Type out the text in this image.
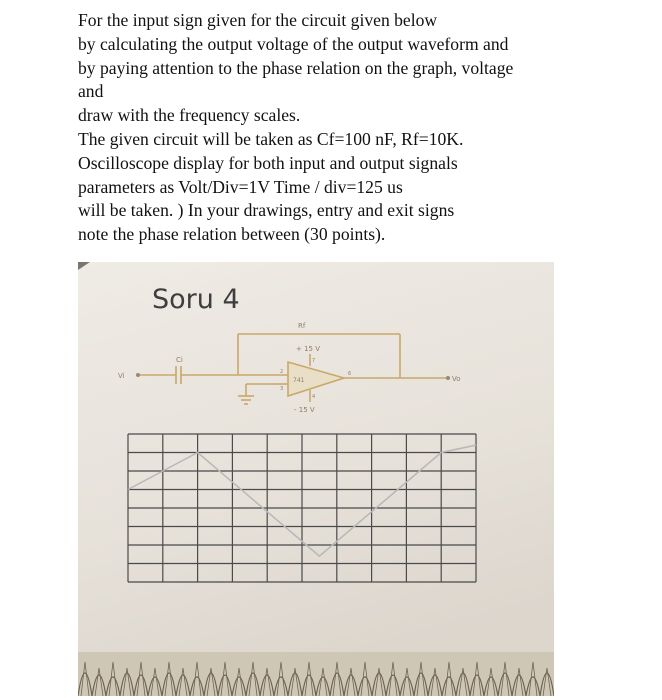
For the input sign given for the circuit given below
by calculating the output voltage of the output waveform and
by paying attention to the phase relation on the graph, voltage
and
draw with the frequency scales.
The given circuit will be taken as Cf=100 nF, Rf=10K.
Oscilloscope display for both input and output signals
parameters as Volt/Div=1V Time / div=125 us
will be taken. ) In your drawings, entry and exit signs
note the phase relation between (30 points).
Soru 4
Rf
Ci
Vi	Vo
+ 15 V
- 15 V
741
2
3
6
7
4
